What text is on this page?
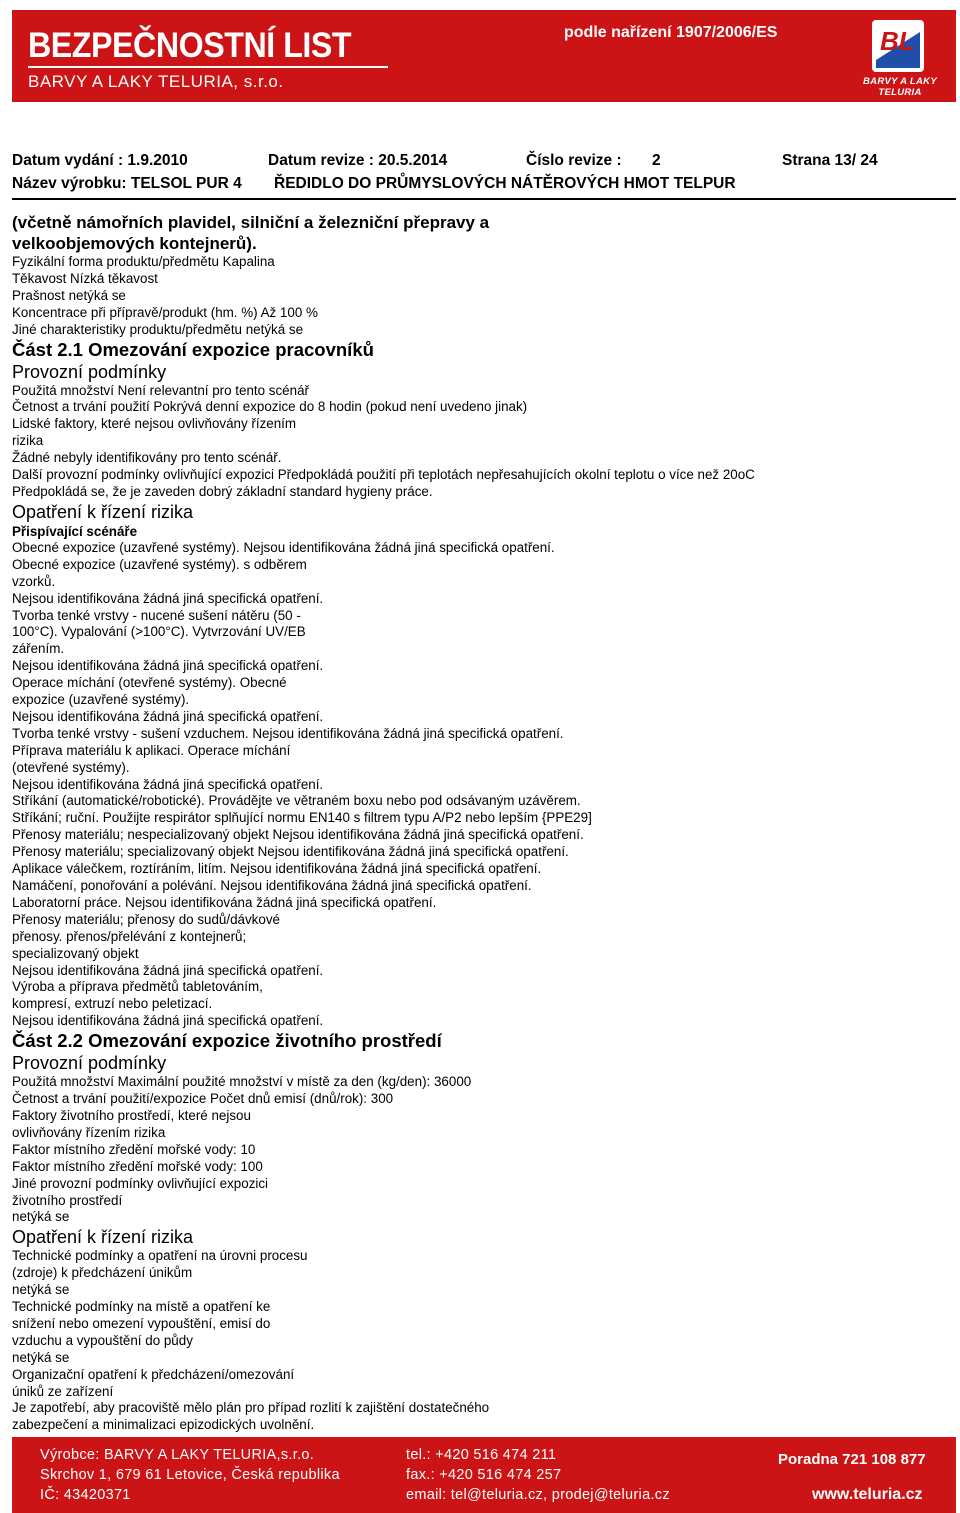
BEZPEČNOSTNÍ LIST
BARVY A LAKY TELURIA, s.r.o.
podle nařízení 1907/2006/ES	BL
BARVY A LAKY
TELURIA
Datum vydání : 1.9.2010	Datum revize : 20.5.2014	Číslo revize : 2	Strana 13/ 24
Název výrobku: TELSOL PUR 4 ŘEDIDLO DO PRŮMYSLOVÝCH NÁTĚROVÝCH HMOT TELPUR
(včetně námořních plavidel, silniční a železniční přepravy a
velkoobjemových kontejnerů).
Fyzikální forma produktu/předmětu Kapalina
Těkavost Nízká těkavost
Prašnost netýká se
Koncentrace při přípravě/produkt (hm. %) Až 100 %
Jiné charakteristiky produktu/předmětu netýká se
Část 2.1 Omezování expozice pracovníků
Provozní podmínky
Použitá množství Není relevantní pro tento scénář
Četnost a trvání použití Pokrývá denní expozice do 8 hodin (pokud není uvedeno jinak)
Lidské faktory, které nejsou ovlivňovány řízením
rizika
Žádné nebyly identifikovány pro tento scénář.
Další provozní podmínky ovlivňující expozici Předpokládá použití při teplotách nepřesahujících okolní teplotu o více než 20oC
Předpokládá se, že je zaveden dobrý základní standard hygieny práce.
Opatření k řízení rizika
Přispívající scénáře
Obecné expozice (uzavřené systémy). Nejsou identifikována žádná jiná specifická opatření.
Obecné expozice (uzavřené systémy). s odběrem
vzorků.
Nejsou identifikována žádná jiná specifická opatření.
Tvorba tenké vrstvy - nucené sušení nátěru (50 -
100°C). Vypalování (>100°C). Vytvrzování UV/EB
zářením.
Nejsou identifikována žádná jiná specifická opatření.
Operace míchání (otevřené systémy). Obecné
expozice (uzavřené systémy).
Nejsou identifikována žádná jiná specifická opatření.
Tvorba tenké vrstvy - sušení vzduchem. Nejsou identifikována žádná jiná specifická opatření.
Příprava materiálu k aplikaci. Operace míchání
(otevřené systémy).
Nejsou identifikována žádná jiná specifická opatření.
Stříkání (automatické/robotické). Provádějte ve větraném boxu nebo pod odsávaným uzávěrem.
Stříkání; ruční. Použijte respirátor splňující normu EN140 s filtrem typu A/P2 nebo lepším {PPE29]
Přenosy materiálu; nespecializovaný objekt Nejsou identifikována žádná jiná specifická opatření.
Přenosy materiálu; specializovaný objekt Nejsou identifikována žádná jiná specifická opatření.
Aplikace válečkem, roztíráním, litím. Nejsou identifikována žádná jiná specifická opatření.
Namáčení, ponořování a polévání. Nejsou identifikována žádná jiná specifická opatření.
Laboratorní práce. Nejsou identifikována žádná jiná specifická opatření.
Přenosy materiálu; přenosy do sudů/dávkové
přenosy. přenos/přelévání z kontejnerů;
specializovaný objekt
Nejsou identifikována žádná jiná specifická opatření.
Výroba a příprava předmětů tabletováním,
kompresí, extruzí nebo peletizací.
Nejsou identifikována žádná jiná specifická opatření.
Část 2.2 Omezování expozice životního prostředí
Provozní podmínky
Použitá množství Maximální použité množství v místě za den (kg/den): 36000
Četnost a trvání použití/expozice Počet dnů emisí (dnů/rok): 300
Faktory životního prostředí, které nejsou
ovlivňovány řízením rizika
Faktor místního zředění mořské vody: 10
Faktor místního zředění mořské vody: 100
Jiné provozní podmínky ovlivňující expozici
životního prostředí
netýká se
Opatření k řízení rizika
Technické podmínky a opatření na úrovni procesu
(zdroje) k předcházení únikům
netýká se
Technické podmínky na místě a opatření ke
snížení nebo omezení vypouštění, emisí do
vzduchu a vypouštění do půdy
netýká se
Organizační opatření k předcházení/omezování
úniků ze zařízení
Je zapotřebí, aby pracoviště mělo plán pro případ rozlití k zajištění dostatečného
zabezpečení a minimalizaci epizodických uvolnění.
Výrobce: BARVY A LAKY TELURIA,s.r.o.
Skrchov 1, 679 61 Letovice, Česká republika
IČ: 43420371
tel.: +420 516 474 211
fax.: +420 516 474 257
email: tel@teluria.cz, prodej@teluria.cz
Poradna 721 108 877
www.teluria.cz
